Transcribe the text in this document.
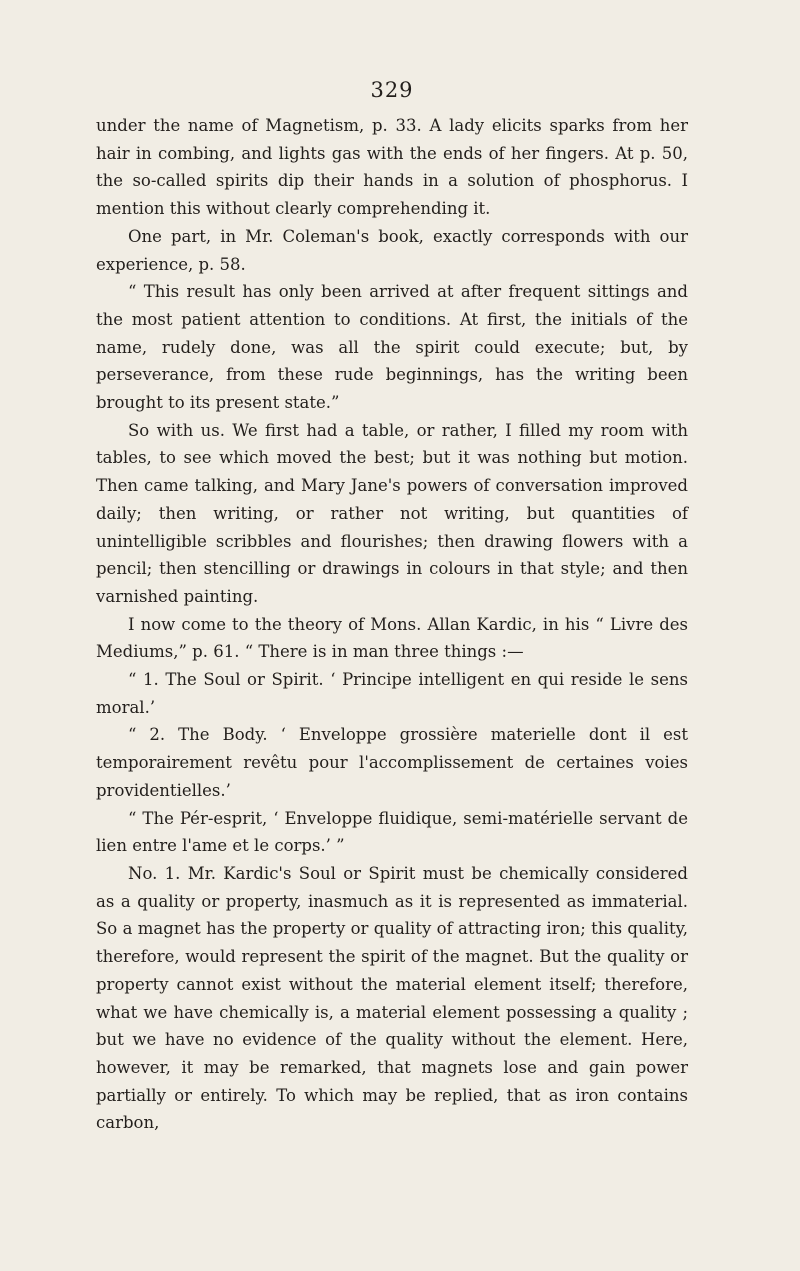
329

under the name of Magnetism, p. 33. A lady elicits sparks from her hair in combing, and lights gas with the ends of her fingers. At p. 50, the so-called spirits dip their hands in a solution of phosphorus. I mention this without clearly comprehending it.

One part, in Mr. Coleman's book, exactly corresponds with our experience, p. 58.

“ This result has only been arrived at after frequent sittings and the most patient attention to conditions. At first, the initials of the name, rudely done, was all the spirit could execute; but, by perseverance, from these rude beginnings, has the writing been brought to its present state.”

So with us. We first had a table, or rather, I filled my room with tables, to see which moved the best; but it was nothing but motion. Then came talking, and Mary Jane's powers of conversation improved daily; then writing, or rather not writing, but quantities of unintelligible scribbles and flourishes; then drawing flowers with a pencil; then stencilling or drawings in colours in that style; and then varnished painting.

I now come to the theory of Mons. Allan Kardic, in his “ Livre des Mediums,” p. 61. “ There is in man three things :—

“ 1. The Soul or Spirit. ‘ Principe intelligent en qui reside le sens moral.’

“ 2. The Body. ‘ Enveloppe grossière materielle dont il est temporairement revêtu pour l'accomplissement de certaines voies providentielles.’

“ The Pér-esprit, ‘ Enveloppe fluidique, semi-matérielle servant de lien entre l'ame et le corps.’ ”

No. 1. Mr. Kardic's Soul or Spirit must be chemically considered as a quality or property, inasmuch as it is represented as immaterial. So a magnet has the property or quality of attracting iron; this quality, therefore, would represent the spirit of the magnet. But the quality or property cannot exist without the material element itself; therefore, what we have chemically is, a material element possessing a quality ; but we have no evidence of the quality without the element. Here, however, it may be remarked, that magnets lose and gain power partially or entirely. To which may be replied, that as iron contains carbon,
